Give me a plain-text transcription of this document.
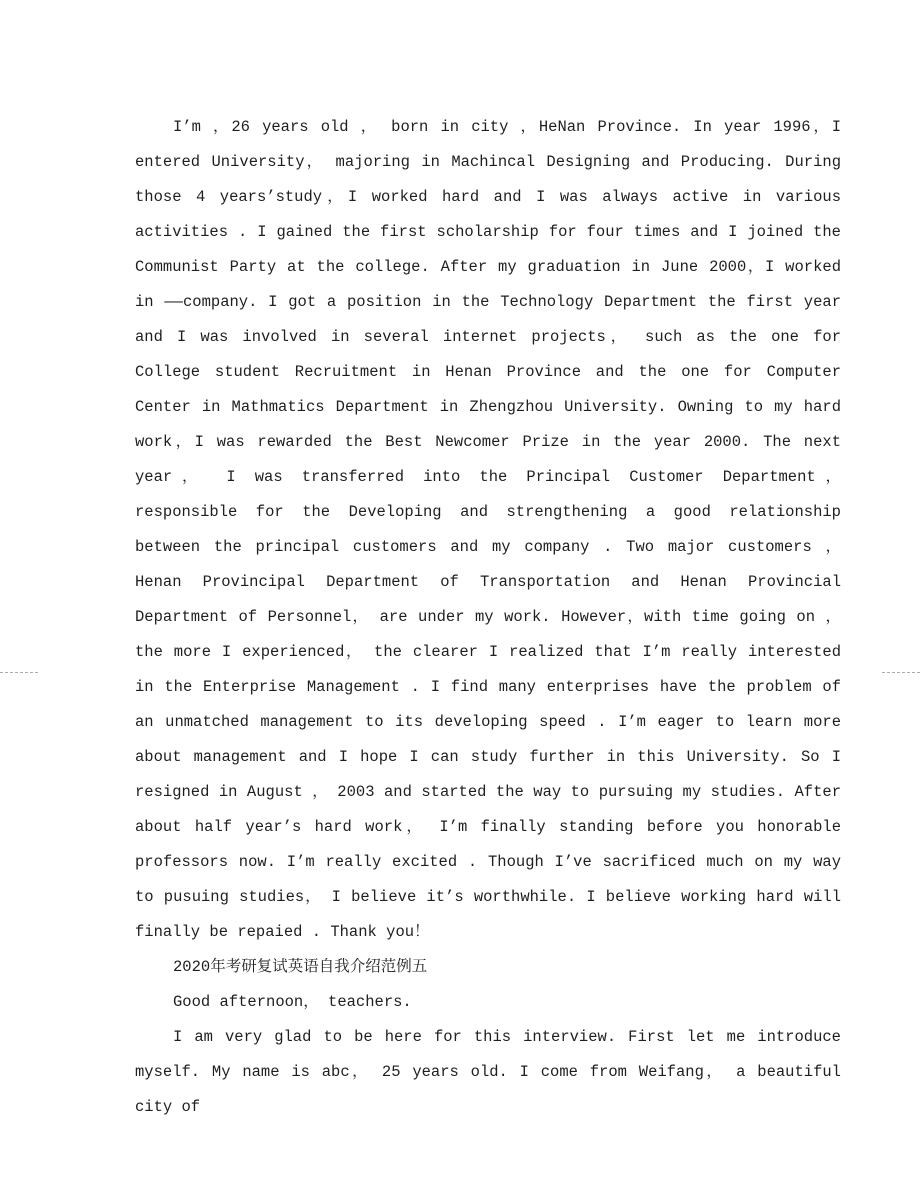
I’m ，26 years old ， born in city ，HeNan Province. In year 1996，I entered University， majoring in Machincal Designing and Producing. During those 4 years’study，I worked hard and I was always active in various activities . I gained the first scholarship for four times and I joined the Communist Party at the college. After my graduation in June 2000，I worked in ——company. I got a position in the Technology Department the first year and I was involved in several internet projects， such as the one for College student Recruitment in Henan Province and the one for Computer Center in Mathmatics Department in Zhengzhou University. Owning to my hard work，I was rewarded the Best Newcomer Prize in the year 2000. The next year， I was transferred into the Principal Customer Department， responsible for the Developing and strengthening a good relationship between the principal customers and my company . Two major customers ， Henan Provincipal Department of Transportation and Henan Provincial Department of Personnel， are under my work. However，with time going on ，the more I experienced， the clearer I realized that I’m really interested in the Enterprise Management . I find many enterprises have the problem of an unmatched management to its developing speed . I’m eager to learn more about management and I hope I can study further in this University. So I resigned in August ， 2003 and started the way to pursuing my studies. After about half year’s hard work， I’m finally standing before you honorable professors now. I’m really excited . Though I’ve sacrificed much on my way to pusuing studies， I believe it’s worthwhile. I believe working hard will finally be repaied . Thank you！

2020年考研复试英语自我介绍范例五

Good afternoon， teachers.

I am very glad to be here for this interview. First let me introduce myself. My name is abc， 25 years old. I come from Weifang， a beautiful city of
